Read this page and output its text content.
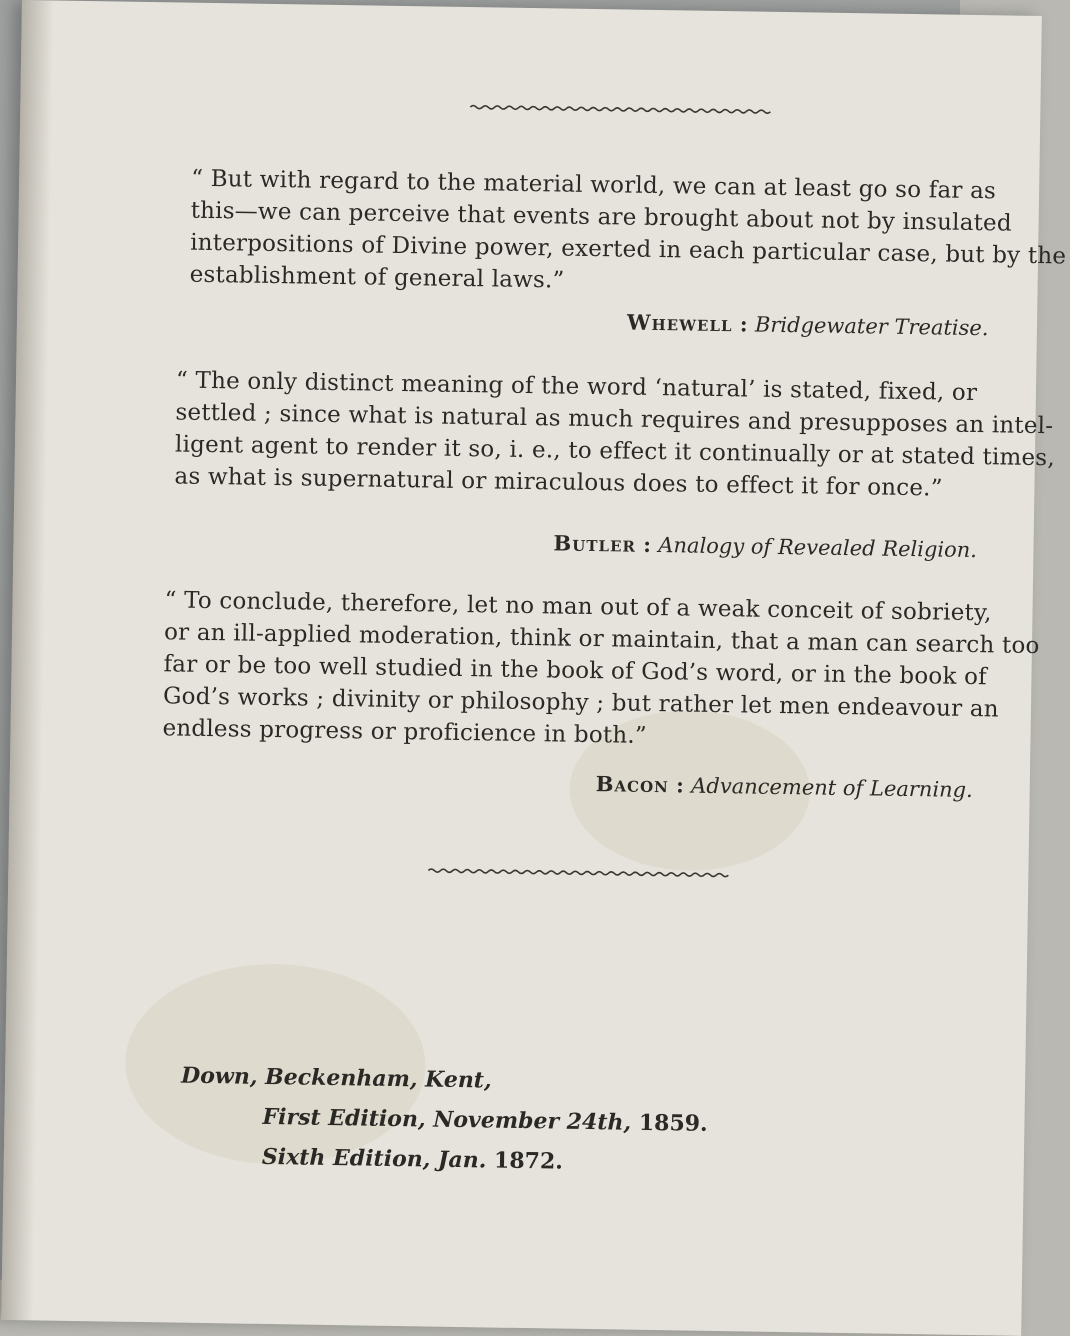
“ But with regard to the material world, we can at least go so far as
this—we can perceive that events are brought about not by insulated
interpositions of Divine power, exerted in each particular case, but by the
establishment of general laws.”

Whewell : Bridgewater Treatise.

“ The only distinct meaning of the word ‘natural’ is stated, fixed, or
settled ; since what is natural as much requires and presupposes an intel-
ligent agent to render it so, i. e., to effect it continually or at stated times,
as what is supernatural or miraculous does to effect it for once.”

Butler : Analogy of Revealed Religion.

“ To conclude, therefore, let no man out of a weak conceit of sobriety,
or an ill-applied moderation, think or maintain, that a man can search too
far or be too well studied in the book of God’s word, or in the book of
God’s works ; divinity or philosophy ; but rather let men endeavour an
endless progress or proficience in both.”

Bacon : Advancement of Learning.
Down, Beckenham, Kent,
First Edition, November 24th, 1859.
Sixth Edition, Jan. 1872.
